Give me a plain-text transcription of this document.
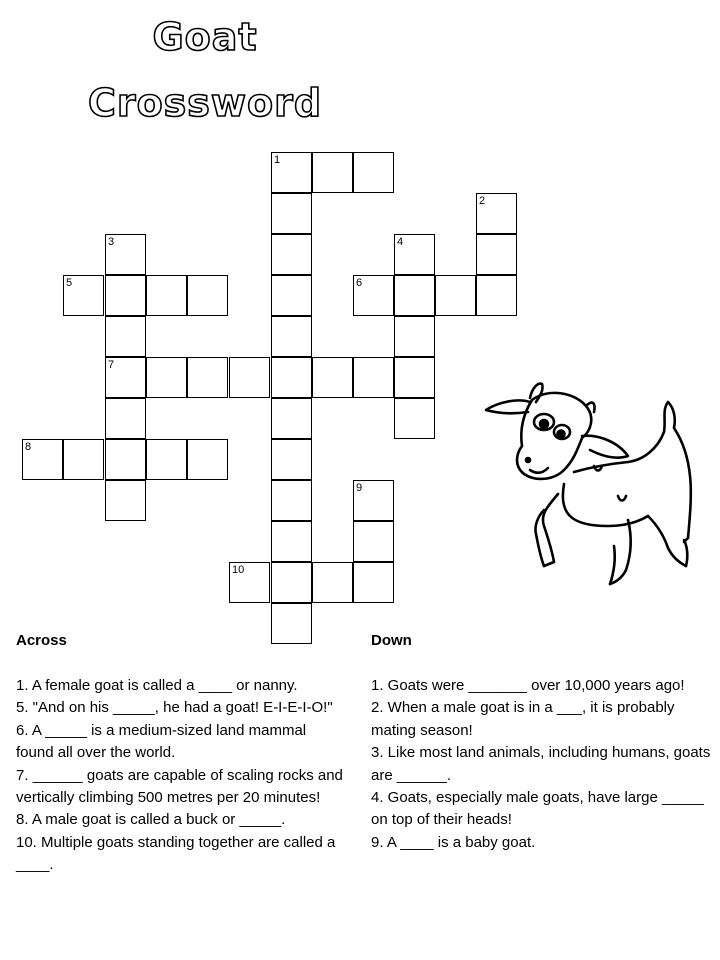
Goat
Crossword
1
2
3
7
4
5	6
8
9
10
Across	Down
1. A female goat is called a ____ or nanny.
5. "And on his _____, he had a goat! E-I-E-I-O!"
6. A _____ is a medium-sized land mammal found all over the world.
7. ______ goats are capable of scaling rocks and vertically climbing 500 metres per 20 minutes!
8. A male goat is called a buck or _____.
10. Multiple goats standing together are called a ____.
1. Goats were _______ over 10,000 years ago!
2. When a male goat is in a ___, it is probably mating season!
3. Like most land animals, including humans, goats are ______.
4. Goats, especially male goats, have large _____ on top of their heads!
9. A ____ is a baby goat.
